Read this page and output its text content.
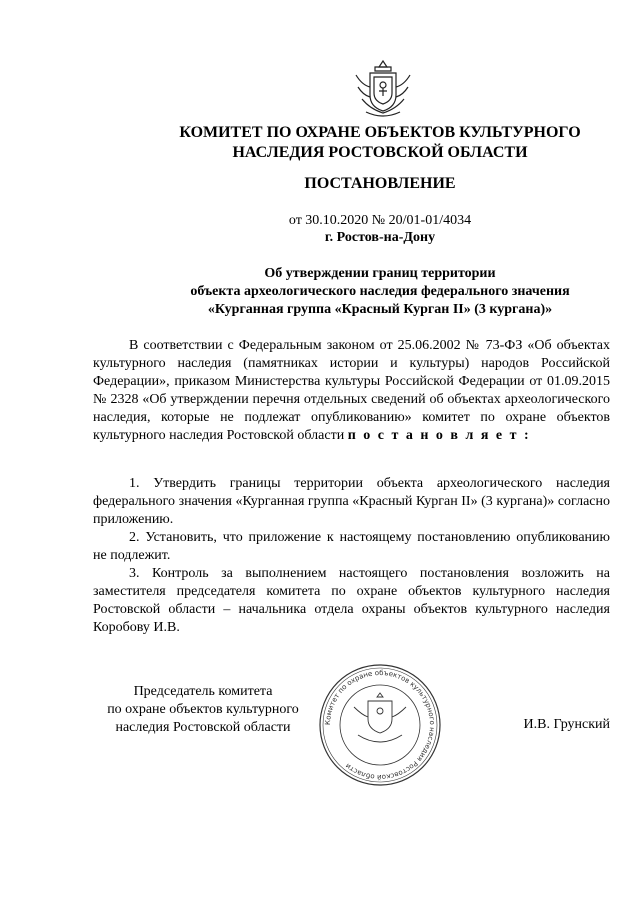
КОМИТЕТ ПО ОХРАНЕ ОБЪЕКТОВ КУЛЬТУРНОГО
НАСЛЕДИЯ РОСТОВСКОЙ ОБЛАСТИ
ПОСТАНОВЛЕНИЕ
от 30.10.2020 № 20/01-01/4034
г. Ростов-на-Дону
Об утверждении границ территории
объекта археологического наследия федерального значения
«Курганная группа «Красный Курган II» (3 кургана)»

В соответствии с Федеральным законом от 25.06.2002 № 73-ФЗ «Об объектах культурного наследия (памятниках истории и культуры) народов Российской Федерации», приказом Министерства культуры Российской Федерации от 01.09.2015 № 2328 «Об утверждении перечня отдельных сведений об объектах археологического наследия, которые не подлежат опубликованию» комитет по охране объектов культурного наследия Ростовской области п о с т а н о в л я е т :

1. Утвердить границы территории объекта археологического наследия федерального значения «Курганная группа «Красный Курган II» (3 кургана)» согласно приложению.

2. Установить, что приложение к настоящему постановлению опубликованию не подлежит.

3. Контроль за выполнением настоящего постановления возложить на заместителя председателя комитета по охране объектов культурного наследия Ростовской области – начальника отдела охраны объектов культурного наследия Коробову И.В.

Председатель комитета
по охране объектов культурного
наследия Ростовской области	Комитет по охране объектов культурного наследия Ростовской области
И.В. Грунский
